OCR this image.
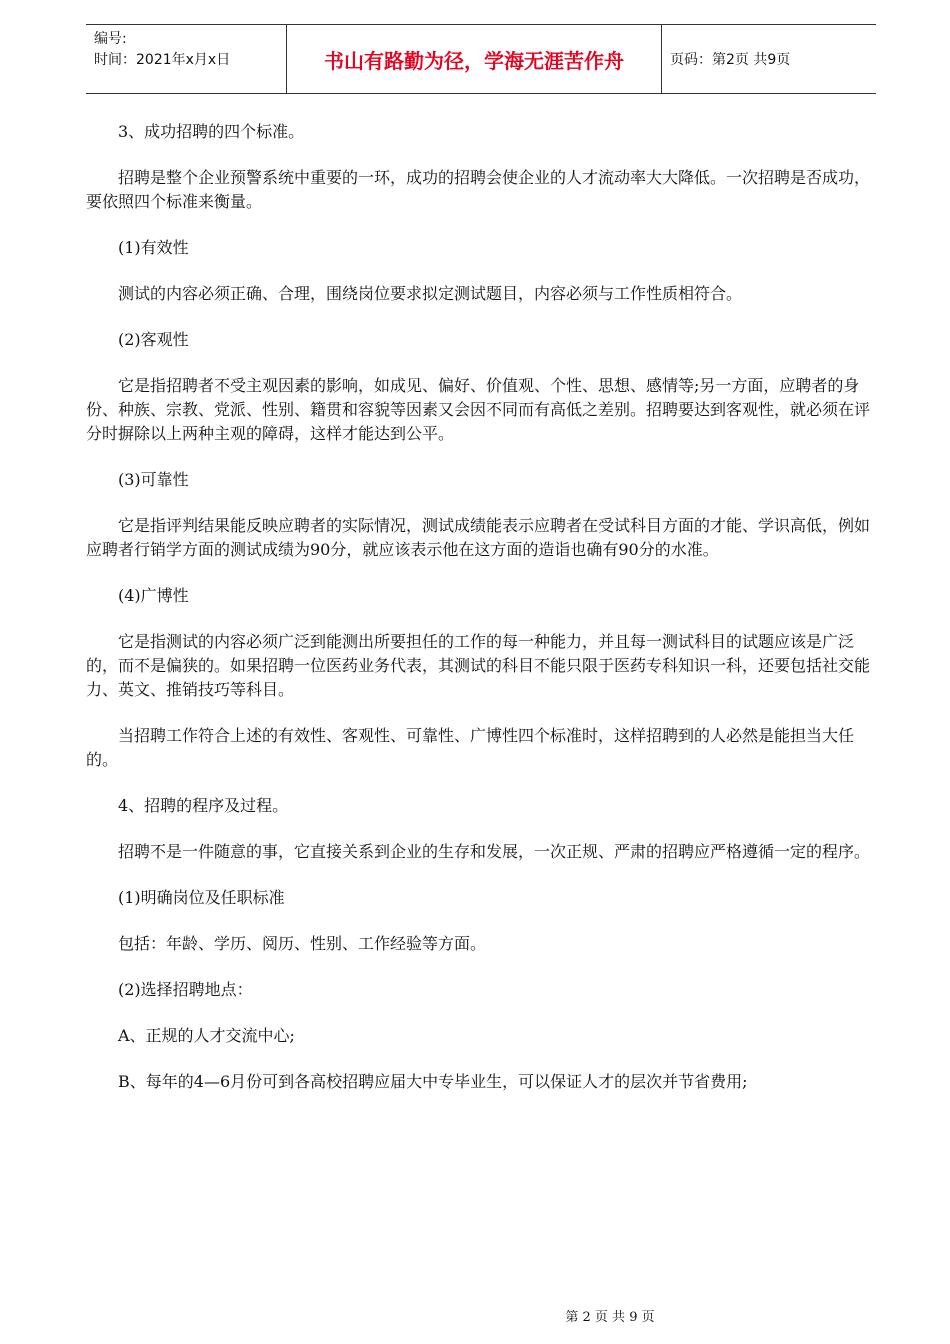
编号:
时间：2021年x月x日	书山有路勤为径，学海无涯苦作舟	页码：第2页 共9页

3、成功招聘的四个标准。

招聘是整个企业预警系统中重要的一环，成功的招聘会使企业的人才流动率大大降低。一次招聘是否成功，要依照四个标准来衡量。

(1)有效性

测试的内容必须正确、合理，围绕岗位要求拟定测试题目，内容必须与工作性质相符合。

(2)客观性

它是指招聘者不受主观因素的影响，如成见、偏好、价值观、个性、思想、感情等;另一方面，应聘者的身份、种族、宗教、党派、性别、籍贯和容貌等因素又会因不同而有高低之差别。招聘要达到客观性，就必须在评分时摒除以上两种主观的障碍，这样才能达到公平。

(3)可靠性

它是指评判结果能反映应聘者的实际情况，测试成绩能表示应聘者在受试科目方面的才能、学识高低，例如应聘者行销学方面的测试成绩为90分，就应该表示他在这方面的造诣也确有90分的水准。

(4)广博性

它是指测试的内容必须广泛到能测出所要担任的工作的每一种能力，并且每一测试科目的试题应该是广泛的，而不是偏狭的。如果招聘一位医药业务代表，其测试的科目不能只限于医药专科知识一科，还要包括社交能力、英文、推销技巧等科目。

当招聘工作符合上述的有效性、客观性、可靠性、广博性四个标准时，这样招聘到的人必然是能担当大任的。

4、招聘的程序及过程。

招聘不是一件随意的事，它直接关系到企业的生存和发展，一次正规、严肃的招聘应严格遵循一定的程序。

(1)明确岗位及任职标准

包括：年龄、学历、阅历、性别、工作经验等方面。

(2)选择招聘地点：

A、正规的人才交流中心;

B、每年的4—6月份可到各高校招聘应届大中专毕业生，可以保证人才的层次并节省费用;

第 2 页 共 9 页
